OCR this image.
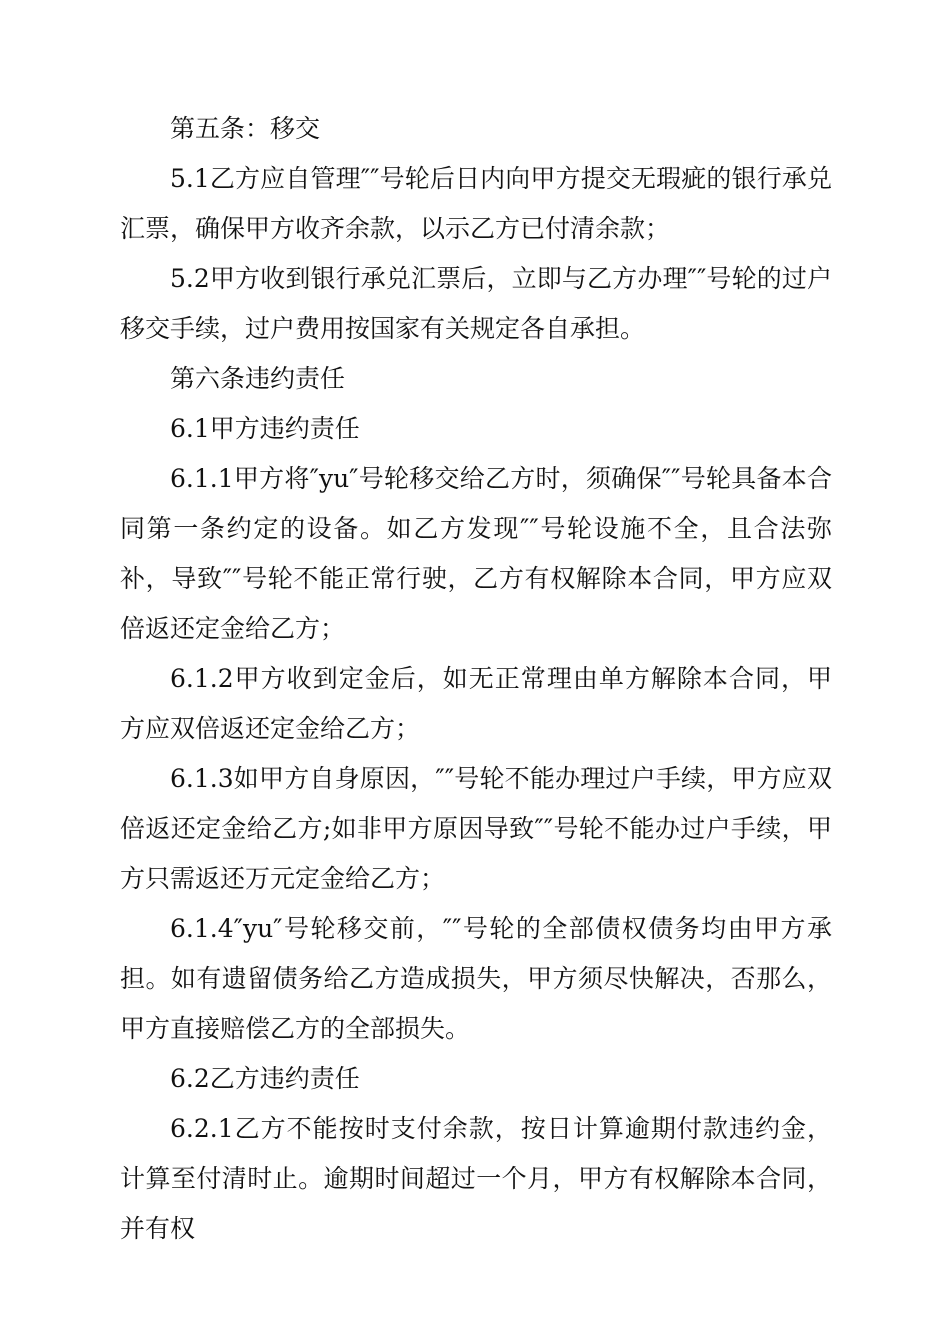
第五条：移交

5.1乙方应自管理″″号轮后日内向甲方提交无瑕疵的银行承兑汇票，确保甲方收齐余款，以示乙方已付清余款；

5.2甲方收到银行承兑汇票后，立即与乙方办理″″号轮的过户移交手续，过户费用按国家有关规定各自承担。

第六条违约责任

6.1甲方违约责任

6.1.1甲方将″yu″号轮移交给乙方时，须确保″″号轮具备本合同第一条约定的设备。如乙方发现″″号轮设施不全，且合法弥补，导致″″号轮不能正常行驶，乙方有权解除本合同，甲方应双倍返还定金给乙方；

6.1.2甲方收到定金后，如无正常理由单方解除本合同，甲方应双倍返还定金给乙方；

6.1.3如甲方自身原因，″″号轮不能办理过户手续，甲方应双倍返还定金给乙方;如非甲方原因导致″″号轮不能办过户手续，甲方只需返还万元定金给乙方；

6.1.4″yu″号轮移交前，″″号轮的全部债权债务均由甲方承担。如有遗留债务给乙方造成损失，甲方须尽快解决，否那么，甲方直接赔偿乙方的全部损失。

6.2乙方违约责任

6.2.1乙方不能按时支付余款，按日计算逾期付款违约金，计算至付清时止。逾期时间超过一个月，甲方有权解除本合同，并有权
